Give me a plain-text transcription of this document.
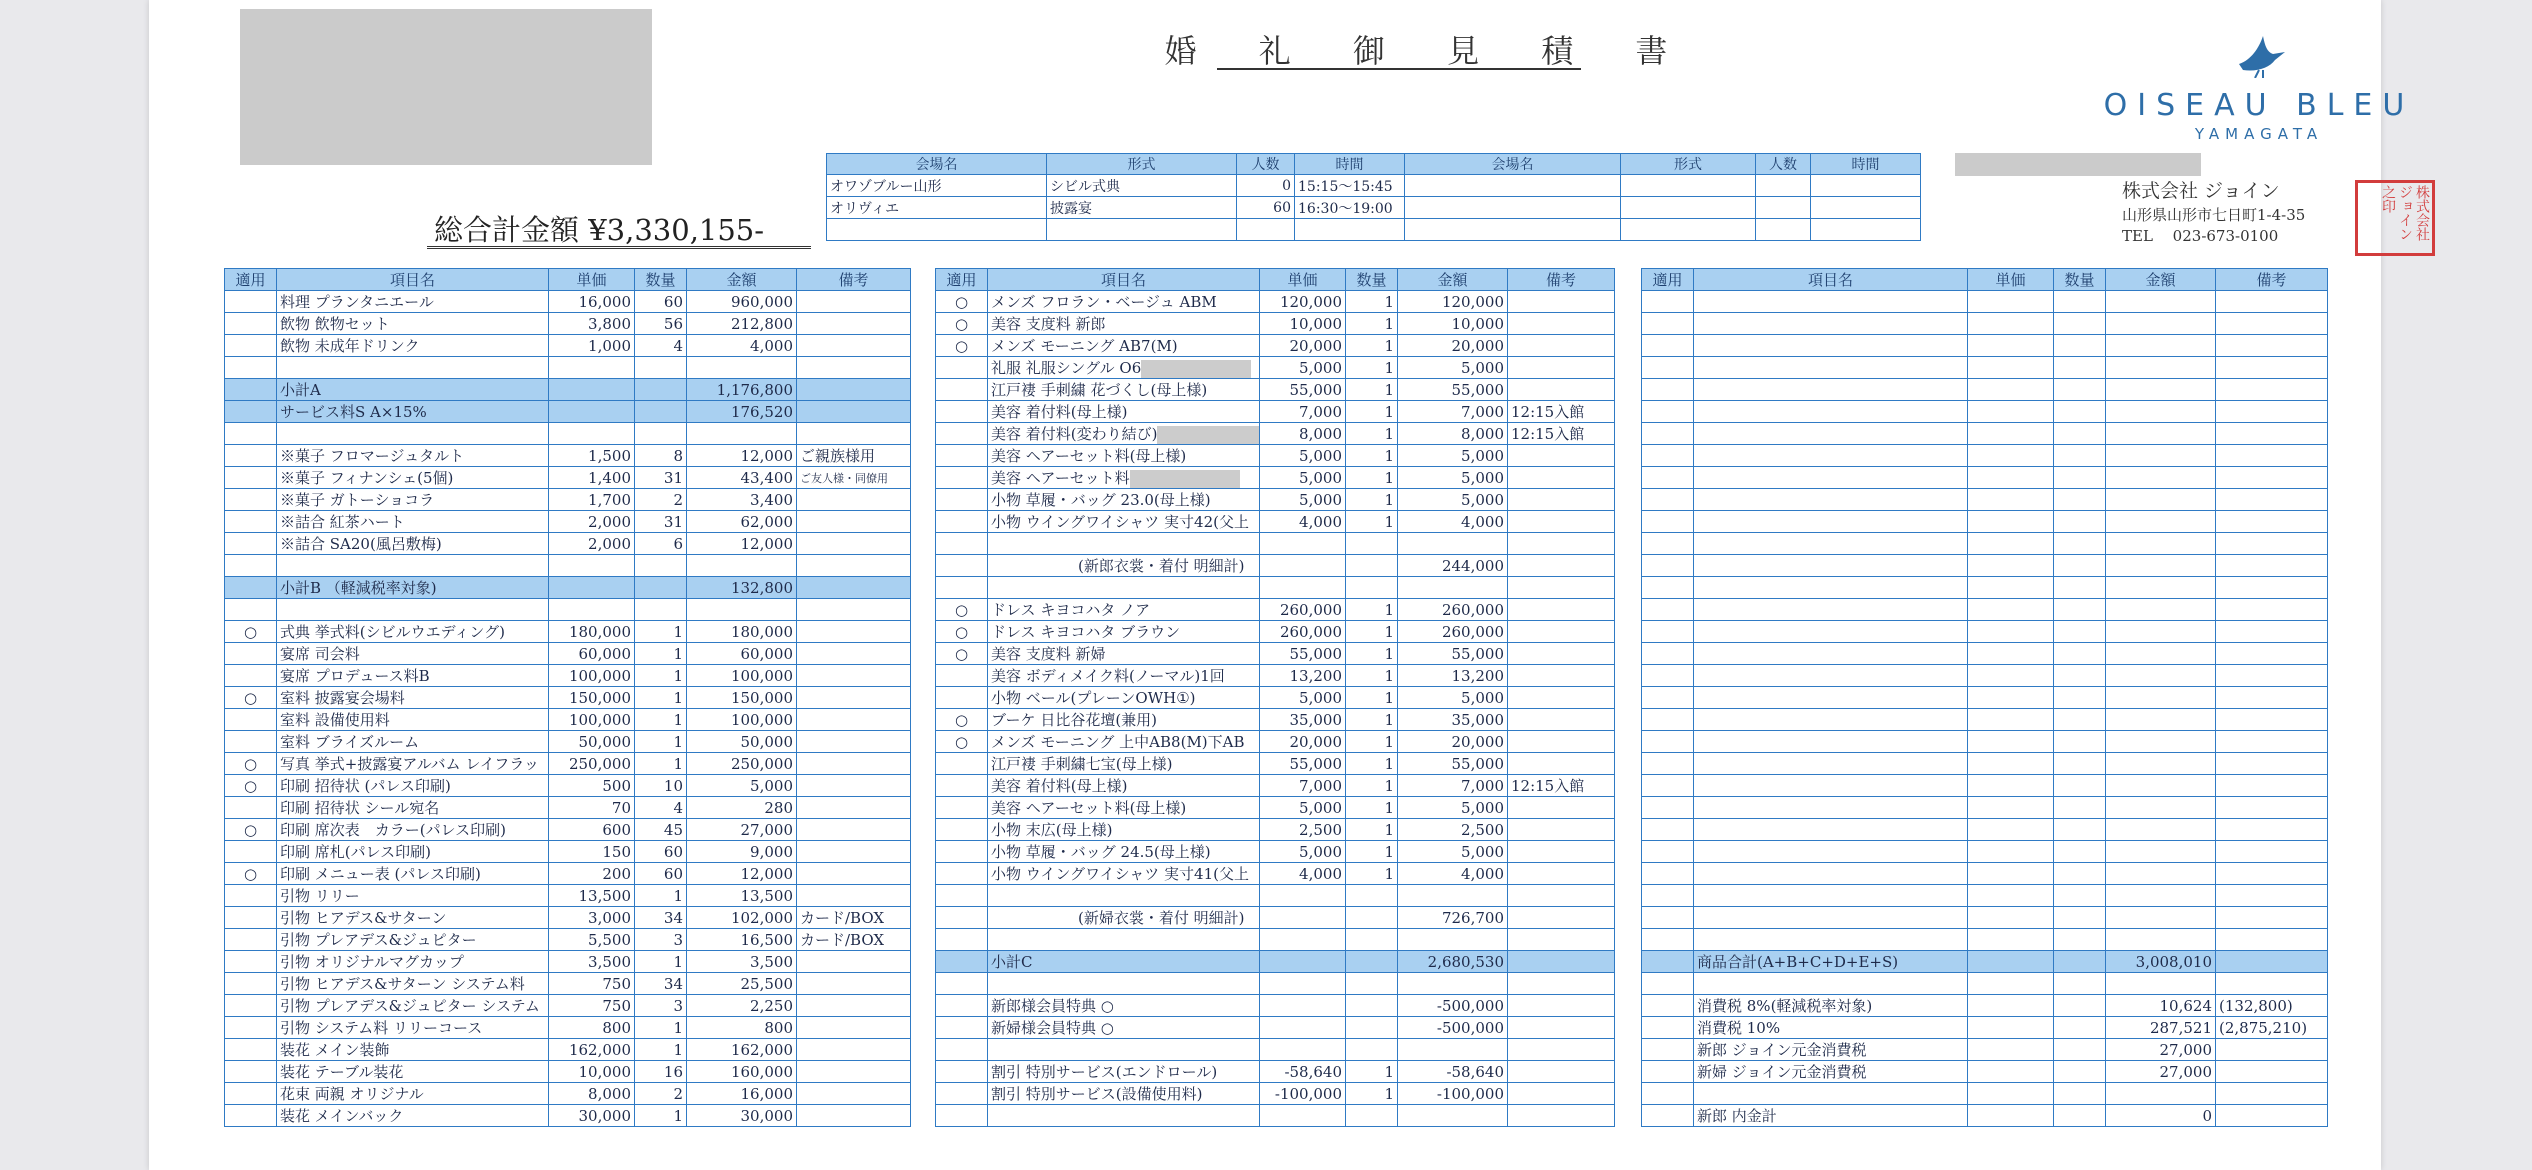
婚 礼 御 見 積 書
OISEAU BLEU
YAMAGATA
株式会社 ジョイン
山形県山形市七日町1-4-35
TEL　 023-673-0100	株式会社ジョイン之印
総合計金額 ¥3,330,155-
会場名	形式	人数	時間	会場名	形式	人数	時間
オワゾブルー山形	シビル式典	0	15:15～15:45				
オリヴィエ	披露宴	60	16:30～19:00				

適用	項目名	単価	数量	金額	備考
	料理 プランタニエール	16,000	60	960,000	
	飲物 飲物セット	3,800	56	212,800	
	飲物 未成年ドリンク	1,000	4	4,000	

	小計A			1,176,800	
	サービス料S A×15%			176,520	

	※菓子 フロマージュタルト	1,500	8	12,000	ご親族様用
	※菓子 フィナンシェ(5個)	1,400	31	43,400	ご友人様・同僚用
	※菓子 ガトーショコラ	1,700	2	3,400	
	※詰合 紅茶ハート	2,000	31	62,000	
	※詰合 SA20(風呂敷梅)	2,000	6	12,000	

	小計B （軽減税率対象)			132,800	

○	式典 挙式料(シビルウエディング)	180,000	1	180,000	
	宴席 司会料	60,000	1	60,000	
	宴席 プロデュース料B	100,000	1	100,000	
○	室料 披露宴会場料	150,000	1	150,000	
	室料 設備使用料	100,000	1	100,000	
	室料 ブライズルーム	50,000	1	50,000	
○	写真 挙式+披露宴アルバム レイフラッ	250,000	1	250,000	
○	印刷 招待状 (パレス印刷)	500	10	5,000	
	印刷 招待状 シール宛名	70	4	280	
○	印刷 席次表　カラー(パレス印刷)	600	45	27,000	
	印刷 席札(パレス印刷)	150	60	9,000	
○	印刷 メニュー表 (パレス印刷)	200	60	12,000	
	引物 リリー	13,500	1	13,500	
	引物 ヒアデス&サターン	3,000	34	102,000	カード/BOX
	引物 プレアデス&ジュピター	5,500	3	16,500	カード/BOX
	引物 オリジナルマグカップ	3,500	1	3,500	
	引物 ヒアデス&サターン システム料	750	34	25,500	
	引物 プレアデス&ジュピター システム	750	3	2,250	
	引物 システム料 リリーコース	800	1	800	
	装花 メイン装飾	162,000	1	162,000	
	装花 テーブル装花	10,000	16	160,000	
	花束 両親 オリジナル	8,000	2	16,000	
	装花 メインバック	30,000	1	30,000	
適用	項目名	単価	数量	金額	備考
○	メンズ フロラン・ベージュ ABM	120,000	1	120,000	
○	美容 支度料 新郎	10,000	1	10,000	
○	メンズ モーニング AB7(M)	20,000	1	20,000	
	礼服 礼服シングル O6	5,000	1	5,000	
	江戸褄 手刺繍 花づくし(母上様)	55,000	1	55,000	
	美容 着付料(母上様)	7,000	1	7,000	12:15入館
	美容 着付料(変わり結び)	8,000	1	8,000	12:15入館
	美容 ヘアーセット料(母上様)	5,000	1	5,000	
	美容 ヘアーセット料	5,000	1	5,000	
	小物 草履・バッグ 23.0(母上様)	5,000	1	5,000	
	小物 ウイングワイシャツ 実寸42(父上	4,000	1	4,000	

	(新郎衣裳・着付 明細計)			244,000	

○	ドレス キヨコハタ ノア	260,000	1	260,000	
○	ドレス キヨコハタ ブラウン	260,000	1	260,000	
○	美容 支度料 新婦	55,000	1	55,000	
	美容 ボディメイク料(ノーマル)1回	13,200	1	13,200	
	小物 ベール(プレーンOWH①)	5,000	1	5,000	
○	ブーケ 日比谷花壇(兼用)	35,000	1	35,000	
○	メンズ モーニング 上中AB8(M)下AB	20,000	1	20,000	
	江戸褄 手刺繍七宝(母上様)	55,000	1	55,000	
	美容 着付料(母上様)	7,000	1	7,000	12:15入館
	美容 ヘアーセット料(母上様)	5,000	1	5,000	
	小物 末広(母上様)	2,500	1	2,500	
	小物 草履・バッグ 24.5(母上様)	5,000	1	5,000	
	小物 ウイングワイシャツ 実寸41(父上	4,000	1	4,000	

	(新婦衣裳・着付 明細計)			726,700	

	小計C			2,680,530	

	新郎様会員特典 ○			-500,000	
	新婦様会員特典 ○			-500,000	

	割引 特別サービス(エンドロール)	-58,640	1	-58,640	
	割引 特別サービス(設備使用料)	-100,000	1	-100,000	

適用	項目名	単価	数量	金額	備考

	商品合計(A+B+C+D+E+S)			3,008,010	

	消費税 8%(軽減税率対象)			10,624	(132,800)
	消費税 10%			287,521	(2,875,210)
	新郎 ジョイン元金消費税			27,000	
	新婦 ジョイン元金消費税			27,000	

	新郎 内金計			0	
